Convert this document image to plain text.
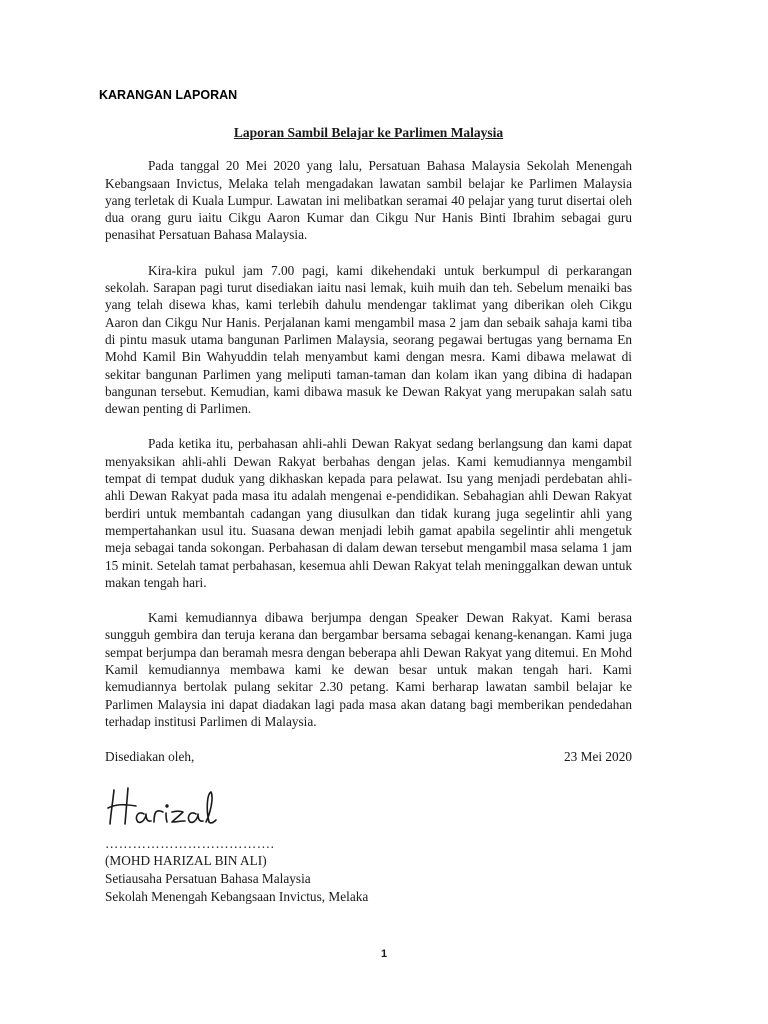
KARANGAN LAPORAN
Laporan Sambil Belajar ke Parlimen Malaysia

Pada tanggal 20 Mei 2020 yang lalu, Persatuan Bahasa Malaysia Sekolah Menengah Kebangsaan Invictus, Melaka telah mengadakan lawatan sambil belajar ke Parlimen Malaysia yang terletak di Kuala Lumpur. Lawatan ini melibatkan seramai 40 pelajar yang turut disertai oleh dua orang guru iaitu Cikgu Aaron Kumar dan Cikgu Nur Hanis Binti Ibrahim sebagai guru penasihat Persatuan Bahasa Malaysia.

Kira-kira pukul jam 7.00 pagi, kami dikehendaki untuk berkumpul di perkarangan sekolah. Sarapan pagi turut disediakan iaitu nasi lemak, kuih muih dan teh. Sebelum menaiki bas yang telah disewa khas, kami terlebih dahulu mendengar taklimat yang diberikan oleh Cikgu Aaron dan Cikgu Nur Hanis. Perjalanan kami mengambil masa 2 jam dan sebaik sahaja kami tiba di pintu masuk utama bangunan Parlimen Malaysia, seorang pegawai bertugas yang bernama En Mohd Kamil Bin Wahyuddin telah menyambut kami dengan mesra. Kami dibawa melawat di sekitar bangunan Parlimen yang meliputi taman-taman dan kolam ikan yang dibina di hadapan bangunan tersebut. Kemudian, kami dibawa masuk ke Dewan Rakyat yang merupakan salah satu dewan penting di Parlimen.

Pada ketika itu, perbahasan ahli-ahli Dewan Rakyat sedang berlangsung dan kami dapat menyaksikan ahli-ahli Dewan Rakyat berbahas dengan jelas. Kami kemudiannya mengambil tempat di tempat duduk yang dikhaskan kepada para pelawat. Isu yang menjadi perdebatan ahli-ahli Dewan Rakyat pada masa itu adalah mengenai e-pendidikan. Sebahagian ahli Dewan Rakyat berdiri untuk membantah cadangan yang diusulkan dan tidak kurang juga segelintir ahli yang mempertahankan usul itu. Suasana dewan menjadi lebih gamat apabila segelintir ahli mengetuk meja sebagai tanda sokongan. Perbahasan di dalam dewan tersebut mengambil masa selama 1 jam 15 minit. Setelah tamat perbahasan, kesemua ahli Dewan Rakyat telah meninggalkan dewan untuk makan tengah hari.

Kami kemudiannya dibawa berjumpa dengan Speaker Dewan Rakyat. Kami berasa sungguh gembira dan teruja kerana dan bergambar bersama sebagai kenang-kenangan. Kami juga sempat berjumpa dan beramah mesra dengan beberapa ahli Dewan Rakyat yang ditemui. En Mohd Kamil kemudiannya membawa kami ke dewan besar untuk makan tengah hari. Kami kemudiannya bertolak pulang sekitar 2.30 petang. Kami berharap lawatan sambil belajar ke Parlimen Malaysia ini dapat diadakan lagi pada masa akan datang bagi memberikan pendedahan terhadap institusi Parlimen di Malaysia.

Disediakan oleh,	23 Mei 2020
……………………………….
(MOHD HARIZAL BIN ALI)
Setiausaha Persatuan Bahasa Malaysia
Sekolah Menengah Kebangsaan Invictus, Melaka
1
